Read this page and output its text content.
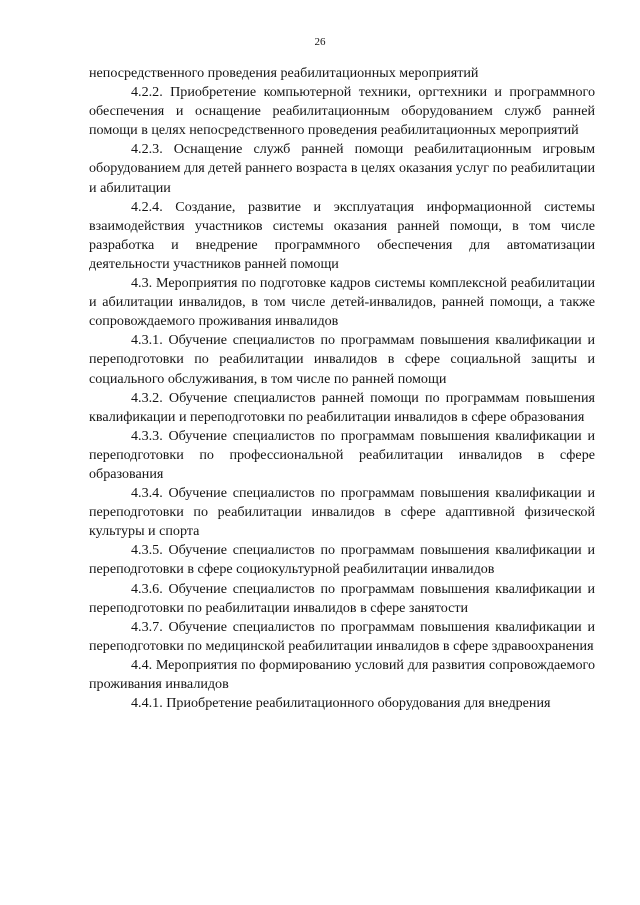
26

непосредственного проведения реабилитационных мероприятий

4.2.2. Приобретение компьютерной техники, оргтехники и программного обеспечения и оснащение реабилитационным оборудованием служб ранней помощи в целях непосредственного проведения реабилитационных мероприятий

4.2.3. Оснащение служб ранней помощи реабилитационным игровым оборудованием для детей раннего возраста в целях оказания услуг по реабилитации и абилитации

4.2.4. Создание, развитие и эксплуатация информационной системы взаимодействия участников системы оказания ранней помощи, в том числе разработка и внедрение программного обеспечения для автоматизации деятельности участников ранней помощи

4.3. Мероприятия по подготовке кадров системы комплексной реабилитации и абилитации инвалидов, в том числе детей-инвалидов, ранней помощи, а также сопровождаемого проживания инвалидов

4.3.1. Обучение специалистов по программам повышения квалификации и переподготовки по реабилитации инвалидов в сфере социальной защиты и социального обслуживания, в том числе по ранней помощи

4.3.2. Обучение специалистов ранней помощи по программам повышения квалификации и переподготовки по реабилитации инвалидов в сфере образования

4.3.3. Обучение специалистов по программам повышения квалификации и переподготовки по профессиональной реабилитации инвалидов в сфере образования

4.3.4. Обучение специалистов по программам повышения квалификации и переподготовки по реабилитации инвалидов в сфере адаптивной физической культуры и спорта

4.3.5. Обучение специалистов по программам повышения квалификации и переподготовки в сфере социокультурной реабилитации инвалидов

4.3.6. Обучение специалистов по программам повышения квалификации и переподготовки по реабилитации инвалидов в сфере занятости

4.3.7. Обучение специалистов по программам повышения квалификации и переподготовки по медицинской реабилитации инвалидов в сфере здравоохранения

4.4. Мероприятия по формированию условий для развития сопровождаемого проживания инвалидов

4.4.1. Приобретение реабилитационного оборудования для внедрения
